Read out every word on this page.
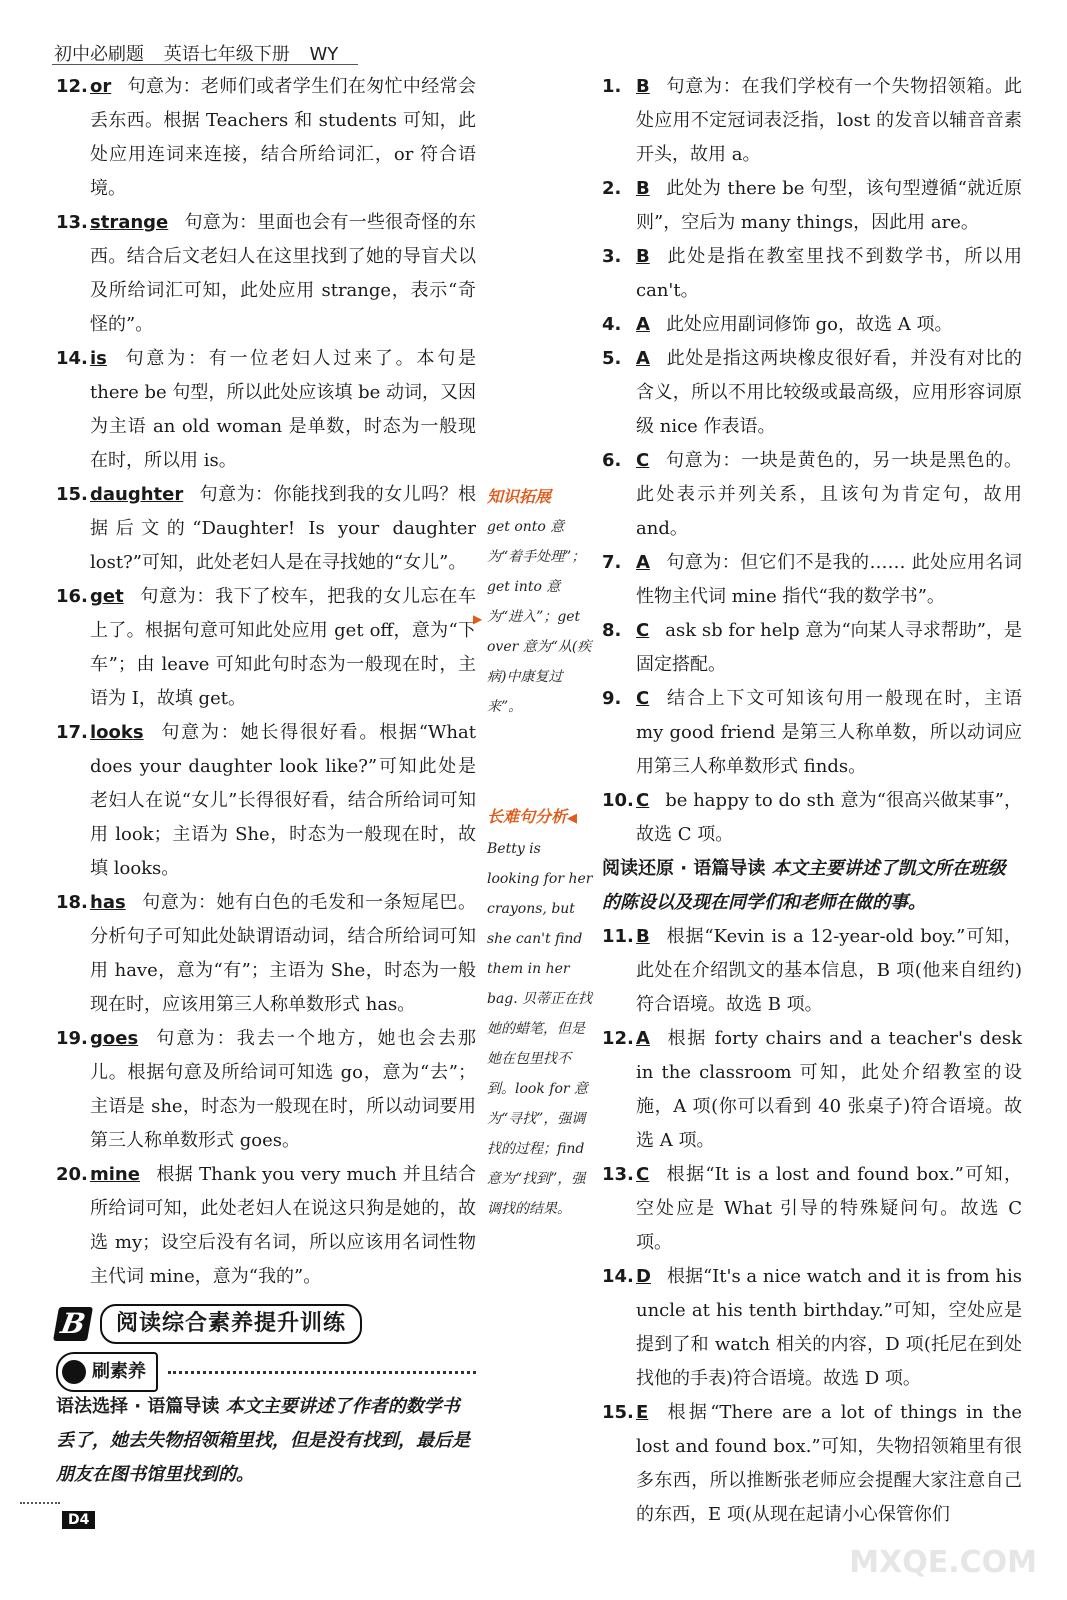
初中必刷题 英语七年级下册 WY
12. or 句意为：老师们或者学生们在匆忙中经常会丢东西。根据 Teachers 和 students 可知，此处应用连词来连接，结合所给词汇，or 符合语境。
13. strange 句意为：里面也会有一些很奇怪的东西。结合后文老妇人在这里找到了她的导盲犬以及所给词汇可知，此处应用 strange，表示“奇怪的”。
14. is 句意为：有一位老妇人过来了。本句是 there be 句型，所以此处应该填 be 动词，又因为主语 an old woman 是单数，时态为一般现在时，所以用 is。
15. daughter 句意为：你能找到我的女儿吗？根据后文的“Daughter! Is your daughter lost?”可知，此处老妇人是在寻找她的“女儿”。
16. get 句意为：我下了校车，把我的女儿忘在车上了。根据句意可知此处应用 get off，意为“下车”；由 leave 可知此句时态为一般现在时，主语为 I，故填 get。
17. looks 句意为：她长得很好看。根据“What does your daughter look like?”可知此处是老妇人在说“女儿”长得很好看，结合所给词可知用 look；主语为 She，时态为一般现在时，故填 looks。
18. has 句意为：她有白色的毛发和一条短尾巴。分析句子可知此处缺谓语动词，结合所给词可知用 have，意为“有”；主语为 She，时态为一般现在时，应该用第三人称单数形式 has。
19. goes 句意为：我去一个地方，她也会去那儿。根据句意及所给词可知选 go，意为“去”；主语是 she，时态为一般现在时，所以动词要用第三人称单数形式 goes。
20. mine 根据 Thank you very much 并且结合所给词可知，此处老妇人在说这只狗是她的，故选 my；设空后没有名词，所以应该用名词性物主代词 mine，意为“我的”。
B	阅读综合素养提升训练
刷素养
语法选择 · 语篇导读 本文主要讲述了作者的数学书丢了，她去失物招领箱里找，但是没有找到，最后是朋友在图书馆里找到的。
知识拓展
get onto 意为“着手处理”；get into 意为“进入”；get over 意为“从(疾病)中康复过来”。
▶
长难句分析◀
Betty is looking for her crayons, but she can't find them in her bag. 贝蒂正在找她的蜡笔，但是她在包里找不到。look for 意为“寻找”，强调找的过程；find 意为“找到”，强调找的结果。
1. B 句意为：在我们学校有一个失物招领箱。此处应用不定冠词表泛指，lost 的发音以辅音音素开头，故用 a。
2. B 此处为 there be 句型，该句型遵循“就近原则”，空后为 many things，因此用 are。
3. B 此处是指在教室里找不到数学书，所以用 can't。
4. A 此处应用副词修饰 go，故选 A 项。
5. A 此处是指这两块橡皮很好看，并没有对比的含义，所以不用比较级或最高级，应用形容词原级 nice 作表语。
6. C 句意为：一块是黄色的，另一块是黑色的。此处表示并列关系，且该句为肯定句，故用 and。
7. A 句意为：但它们不是我的…… 此处应用名词性物主代词 mine 指代“我的数学书”。
8. C ask sb for help 意为“向某人寻求帮助”，是固定搭配。
9. C 结合上下文可知该句用一般现在时，主语 my good friend 是第三人称单数，所以动词应用第三人称单数形式 finds。
10. C be happy to do sth 意为“很高兴做某事”，故选 C 项。
阅读还原 · 语篇导读 本文主要讲述了凯文所在班级的陈设以及现在同学们和老师在做的事。
11. B 根据“Kevin is a 12-year-old boy.”可知，此处在介绍凯文的基本信息，B 项(他来自纽约)符合语境。故选 B 项。
12. A 根据 forty chairs and a teacher's desk in the classroom 可知，此处介绍教室的设施，A 项(你可以看到 40 张桌子)符合语境。故选 A 项。
13. C 根据“It is a lost and found box.”可知，空处应是 What 引导的特殊疑问句。故选 C 项。
14. D 根据“It's a nice watch and it is from his uncle at his tenth birthday.”可知，空处应是提到了和 watch 相关的内容，D 项(托尼在到处找他的手表)符合语境。故选 D 项。
15. E 根据“There are a lot of things in the lost and found box.”可知，失物招领箱里有很多东西，所以推断张老师应会提醒大家注意自己的东西，E 项(从现在起请小心保管你们
D4
MXQE.COM
